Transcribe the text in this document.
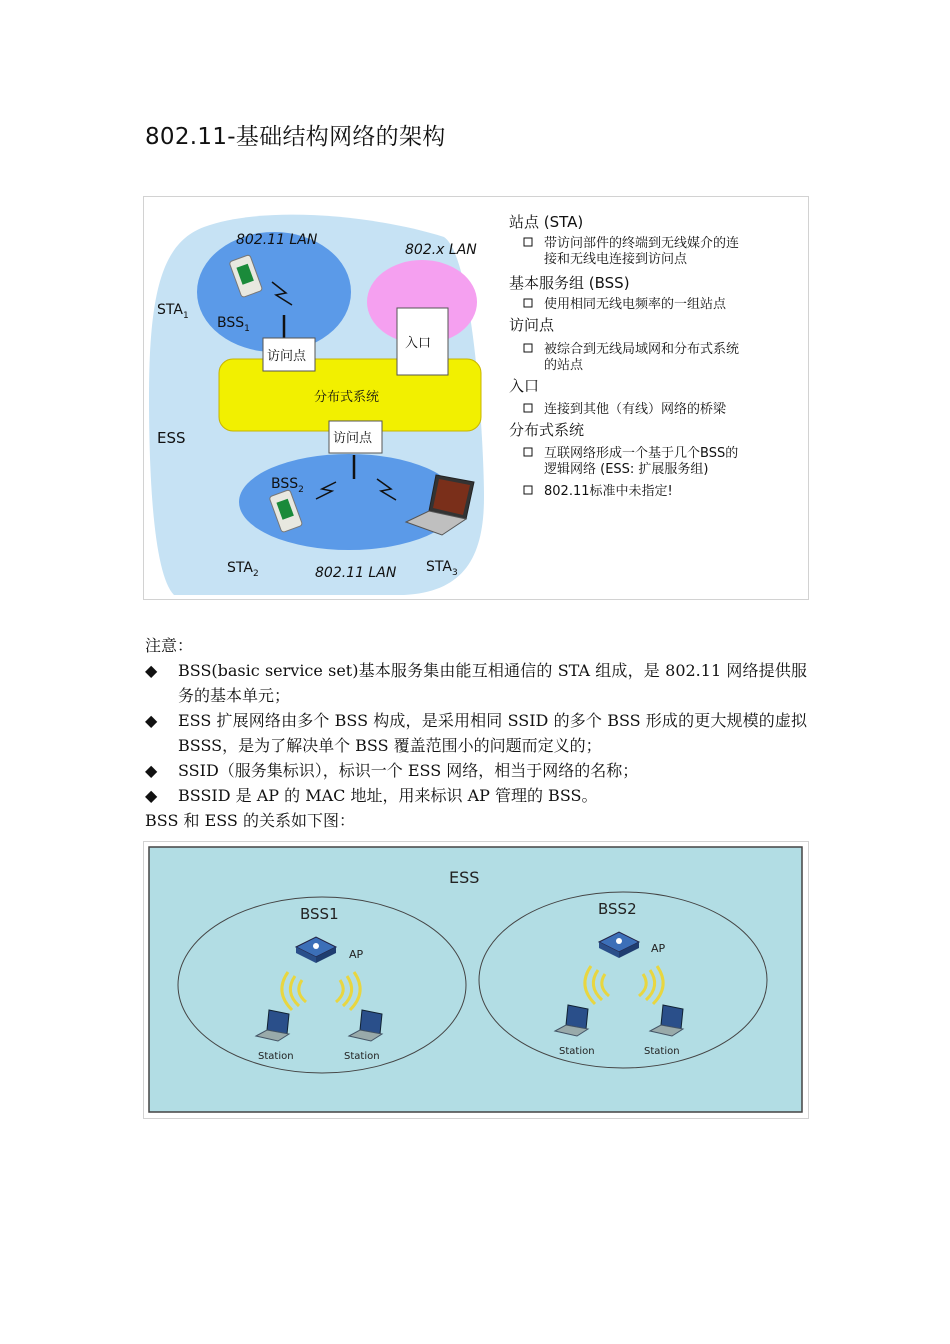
802.11-基础结构网络的架构
802.11 LAN
802.x LAN
802.11 LAN
$STA_1$ $BSS_1$
$BSS_2$
$STA_2$	$STA_3$
ESS
访问点
访问点
入口
分布式系统
站点 (STA)
带访问部件的终端到无线媒介的连
接和无线电连接到访问点
基本服务组 (BSS)
使用相同无线电频率的一组站点
访问点
被综合到无线局域网和分布式系统
的站点
入口
连接到其他（有线）网络的桥梁
分布式系统
互联网络形成一个基于几个BSS的
逻辑网络 (ESS: 扩展服务组)
802.11标准中未指定!
注意：
◆ BSS(basic service set)基本服务集由能互相通信的 STA 组成，是 802.11 网络提供服务的基本单元；
◆ ESS 扩展网络由多个 BSS 构成，是采用相同 SSID 的多个 BSS 形成的更大规模的虚拟 BSSS，是为了解决单个 BSS 覆盖范围小的问题而定义的；
◆ SSID（服务集标识），标识一个 ESS 网络，相当于网络的名称；
◆ BSSID 是 AP 的 MAC 地址，用来标识 AP 管理的 BSS。
BSS 和 ESS 的关系如下图：
ESS
BSS1	BSS2
AP	AP
Station	Station	Station	Station
